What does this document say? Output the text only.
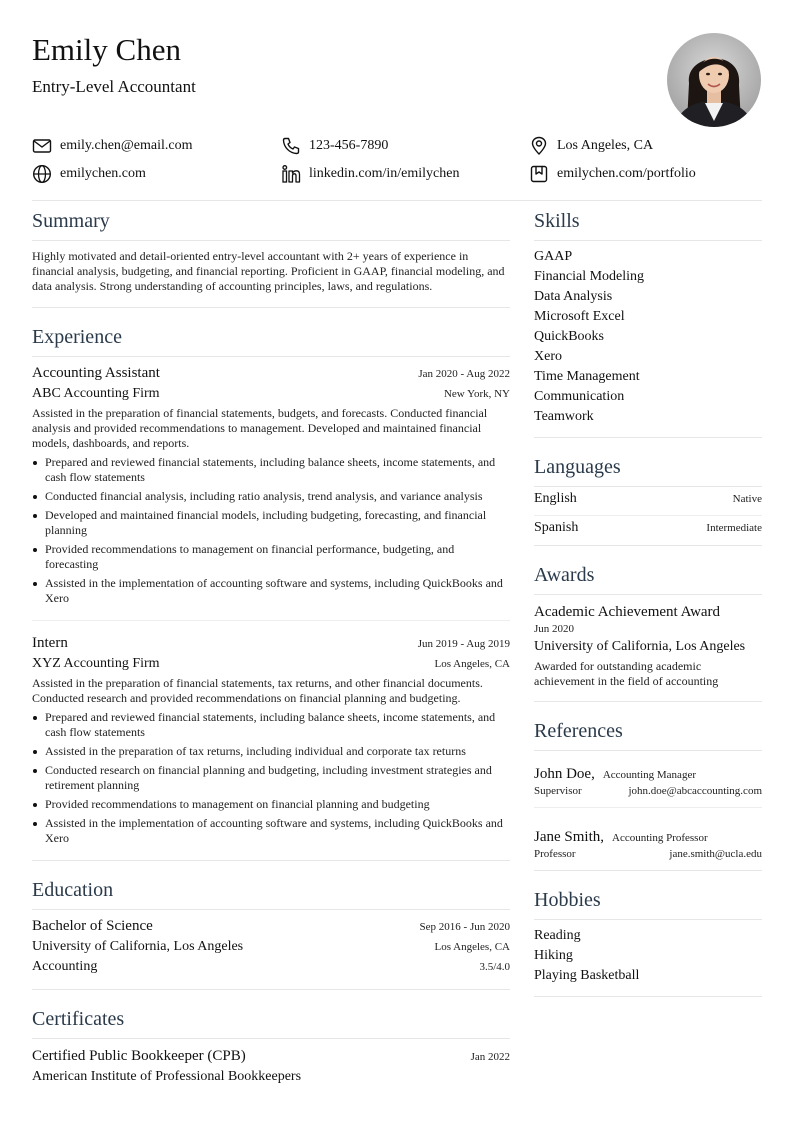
Emily Chen
Entry-Level Accountant
emily.chen@email.com	123-456-7890	Los Angeles, CA
emilychen.com	linkedin.com/in/emilychen	emilychen.com/portfolio
Summary
Highly motivated and detail-oriented entry-level accountant with 2+ years of experience in financial analysis, budgeting, and financial reporting. Proficient in GAAP, financial modeling, and data analysis. Strong understanding of accounting principles, laws, and regulations.
Experience
Accounting Assistant	Jan 2020 - Aug 2022
ABC Accounting Firm	New York, NY
Assisted in the preparation of financial statements, budgets, and forecasts. Conducted financial analysis and provided recommendations to management. Developed and maintained financial models, dashboards, and reports.
Prepared and reviewed financial statements, including balance sheets, income statements, and cash flow statements
Conducted financial analysis, including ratio analysis, trend analysis, and variance analysis
Developed and maintained financial models, including budgeting, forecasting, and financial planning
Provided recommendations to management on financial performance, budgeting, and forecasting
Assisted in the implementation of accounting software and systems, including QuickBooks and Xero
Intern	Jun 2019 - Aug 2019
XYZ Accounting Firm	Los Angeles, CA
Assisted in the preparation of financial statements, tax returns, and other financial documents. Conducted research and provided recommendations on financial planning and budgeting.
Prepared and reviewed financial statements, including balance sheets, income statements, and cash flow statements
Assisted in the preparation of tax returns, including individual and corporate tax returns
Conducted research on financial planning and budgeting, including investment strategies and retirement planning
Provided recommendations to management on financial planning and budgeting
Assisted in the implementation of accounting software and systems, including QuickBooks and Xero
Education
Bachelor of Science	Sep 2016 - Jun 2020
University of California, Los Angeles	Los Angeles, CA
Accounting	3.5/4.0
Certificates
Certified Public Bookkeeper (CPB)	Jan 2022
American Institute of Professional Bookkeepers
Skills
GAAP
Financial Modeling
Data Analysis
Microsoft Excel
QuickBooks
Xero
Time Management
Communication
Teamwork
Languages
English	Native
Spanish	Intermediate
Awards
Academic Achievement Award
Jun 2020
University of California, Los Angeles
Awarded for outstanding academic achievement in the field of accounting
References
John Doe, Accounting Manager
Supervisor	john.doe@abcaccounting.com
Jane Smith, Accounting Professor
Professor	jane.smith@ucla.edu
Hobbies
Reading
Hiking
Playing Basketball
